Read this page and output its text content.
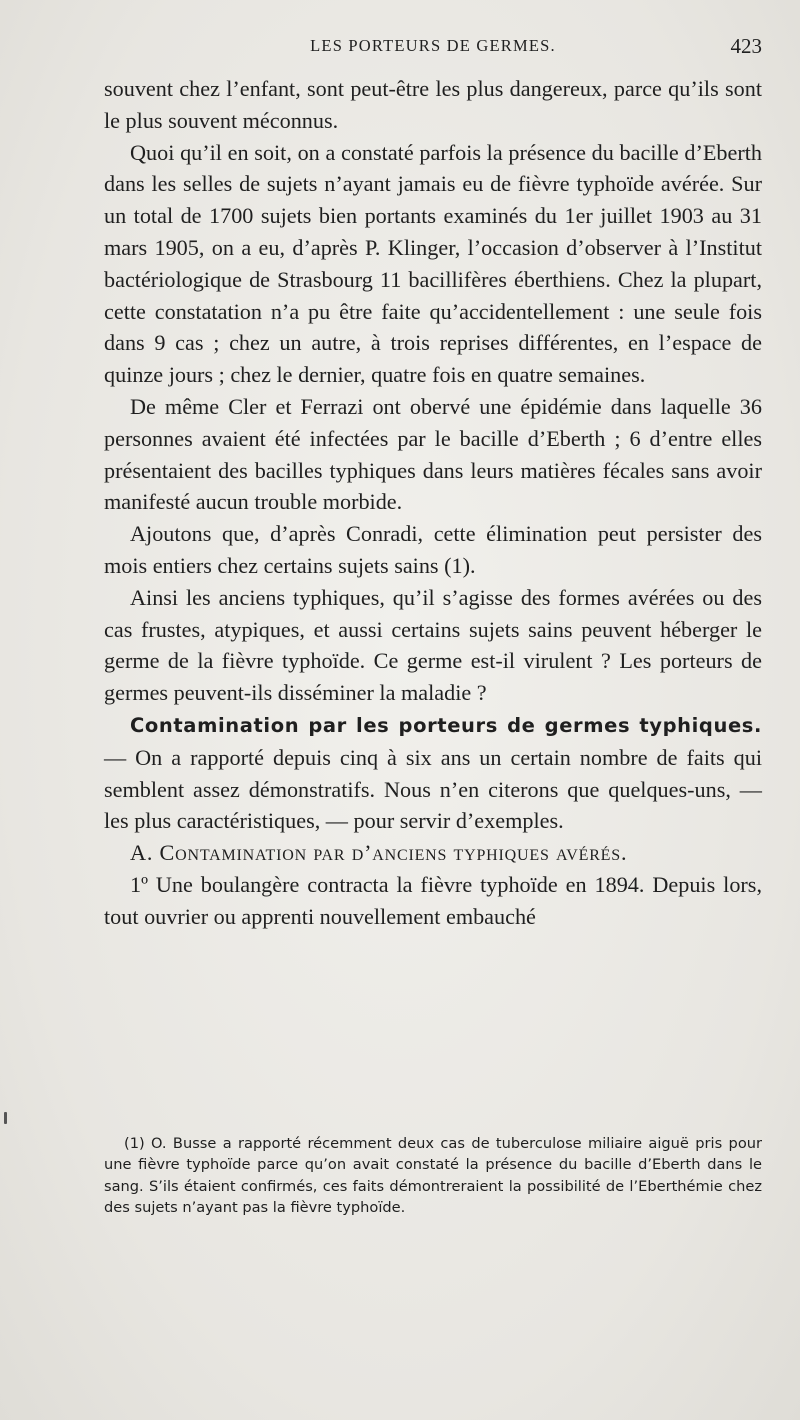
LES PORTEURS DE GERMES.	423

souvent chez l’enfant, sont peut-être les plus dangereux, parce qu’ils sont le plus souvent méconnus.

Quoi qu’il en soit, on a constaté parfois la présence du bacille d’Eberth dans les selles de sujets n’ayant jamais eu de fièvre typhoïde avérée. Sur un total de 1700 sujets bien portants examinés du 1er juillet 1903 au 31 mars 1905, on a eu, d’après P. Klinger, l’occasion d’observer à l’Institut bactériologique de Strasbourg 11 bacillifères éberthiens. Chez la plupart, cette constatation n’a pu être faite qu’accidentellement : une seule fois dans 9 cas ; chez un autre, à trois reprises différentes, en l’espace de quinze jours ; chez le dernier, quatre fois en quatre semaines.

De même Cler et Ferrazi ont obervé une épidémie dans laquelle 36 personnes avaient été infectées par le bacille d’Eberth ; 6 d’entre elles présentaient des bacilles typhiques dans leurs matières fécales sans avoir manifesté aucun trouble morbide.

Ajoutons que, d’après Conradi, cette élimination peut persister des mois entiers chez certains sujets sains (1).

Ainsi les anciens typhiques, qu’il s’agisse des formes avérées ou des cas frustes, atypiques, et aussi certains sujets sains peuvent héberger le germe de la fièvre typhoïde. Ce germe est-il virulent ? Les porteurs de germes peuvent-ils disséminer la maladie ?

Contamination par les porteurs de germes typhiques. — On a rapporté depuis cinq à six ans un certain nombre de faits qui semblent assez démonstratifs. Nous n’en citerons que quelques-uns, — les plus caractéristiques, — pour servir d’exemples.

A. Contamination par d’anciens typhiques avérés.

1º Une boulangère contracta la fièvre typhoïde en 1894. Depuis lors, tout ouvrier ou apprenti nouvellement embauché

(1) O. Busse a rapporté récemment deux cas de tuberculose miliaire aiguë pris pour une fièvre typhoïde parce qu’on avait constaté la présence du bacille d’Eberth dans le sang. S’ils étaient confirmés, ces faits démontreraient la possibilité de l’Eberthémie chez des sujets n’ayant pas la fièvre typhoïde.
